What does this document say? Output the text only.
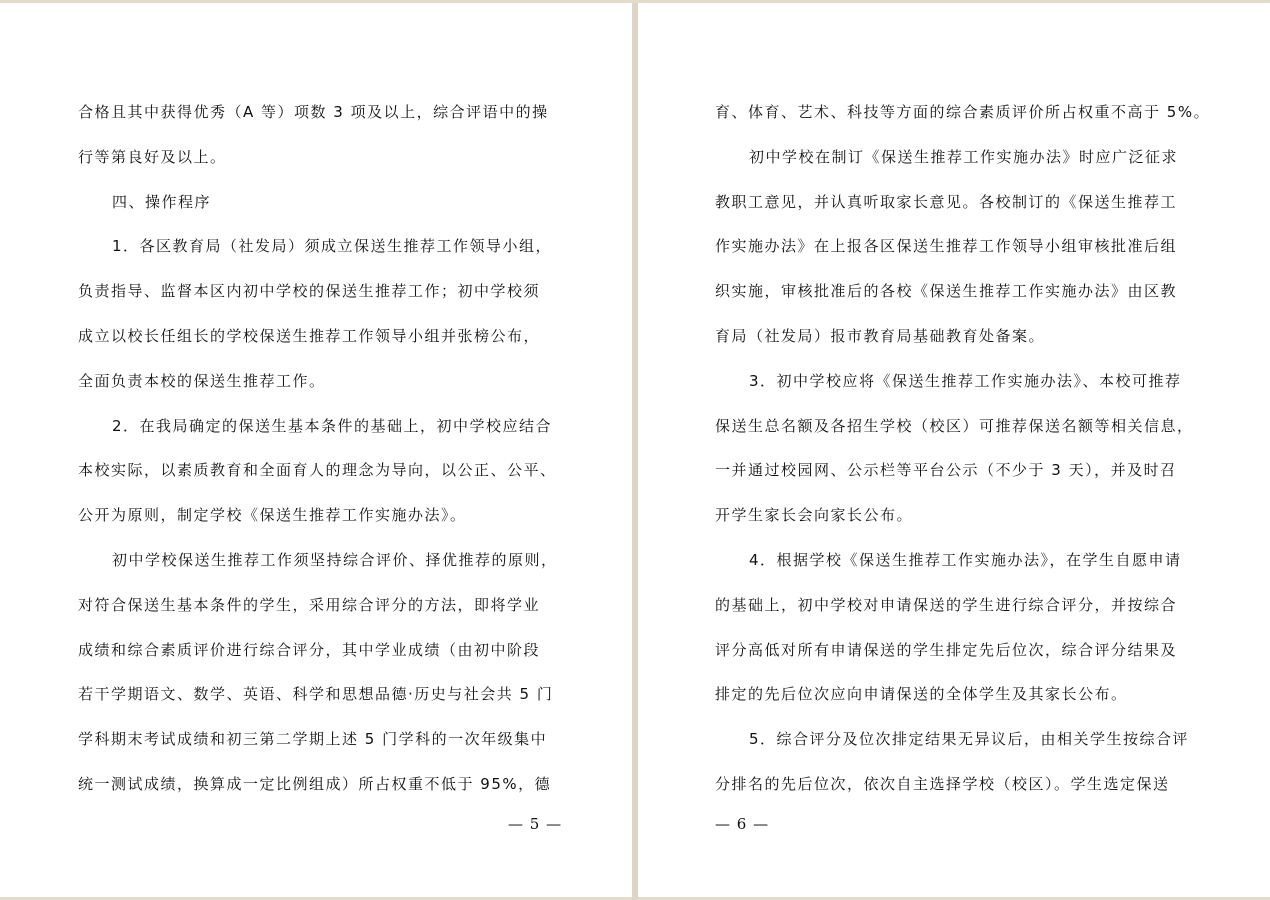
合格且其中获得优秀（A 等）项数 3 项及以上，综合评语中的操
行等第良好及以上。
四、操作程序
1．各区教育局（社发局）须成立保送生推荐工作领导小组，
负责指导、监督本区内初中学校的保送生推荐工作；初中学校须
成立以校长任组长的学校保送生推荐工作领导小组并张榜公布，
全面负责本校的保送生推荐工作。
2．在我局确定的保送生基本条件的基础上，初中学校应结合
本校实际，以素质教育和全面育人的理念为导向，以公正、公平、
公开为原则，制定学校《保送生推荐工作实施办法》。
初中学校保送生推荐工作须坚持综合评价、择优推荐的原则，
对符合保送生基本条件的学生，采用综合评分的方法，即将学业
成绩和综合素质评价进行综合评分，其中学业成绩（由初中阶段
若干学期语文、数学、英语、科学和思想品德·历史与社会共 5 门
学科期末考试成绩和初三第二学期上述 5 门学科的一次年级集中
统一测试成绩，换算成一定比例组成）所占权重不低于 95%，德
— 5 —
育、体育、艺术、科技等方面的综合素质评价所占权重不高于 5%。
初中学校在制订《保送生推荐工作实施办法》时应广泛征求
教职工意见，并认真听取家长意见。各校制订的《保送生推荐工
作实施办法》在上报各区保送生推荐工作领导小组审核批准后组
织实施，审核批准后的各校《保送生推荐工作实施办法》由区教
育局（社发局）报市教育局基础教育处备案。
3．初中学校应将《保送生推荐工作实施办法》、本校可推荐
保送生总名额及各招生学校（校区）可推荐保送名额等相关信息，
一并通过校园网、公示栏等平台公示（不少于 3 天），并及时召
开学生家长会向家长公布。
4．根据学校《保送生推荐工作实施办法》，在学生自愿申请
的基础上，初中学校对申请保送的学生进行综合评分，并按综合
评分高低对所有申请保送的学生排定先后位次，综合评分结果及
排定的先后位次应向申请保送的全体学生及其家长公布。
5．综合评分及位次排定结果无异议后，由相关学生按综合评
分排名的先后位次，依次自主选择学校（校区）。学生选定保送
— 6 —
